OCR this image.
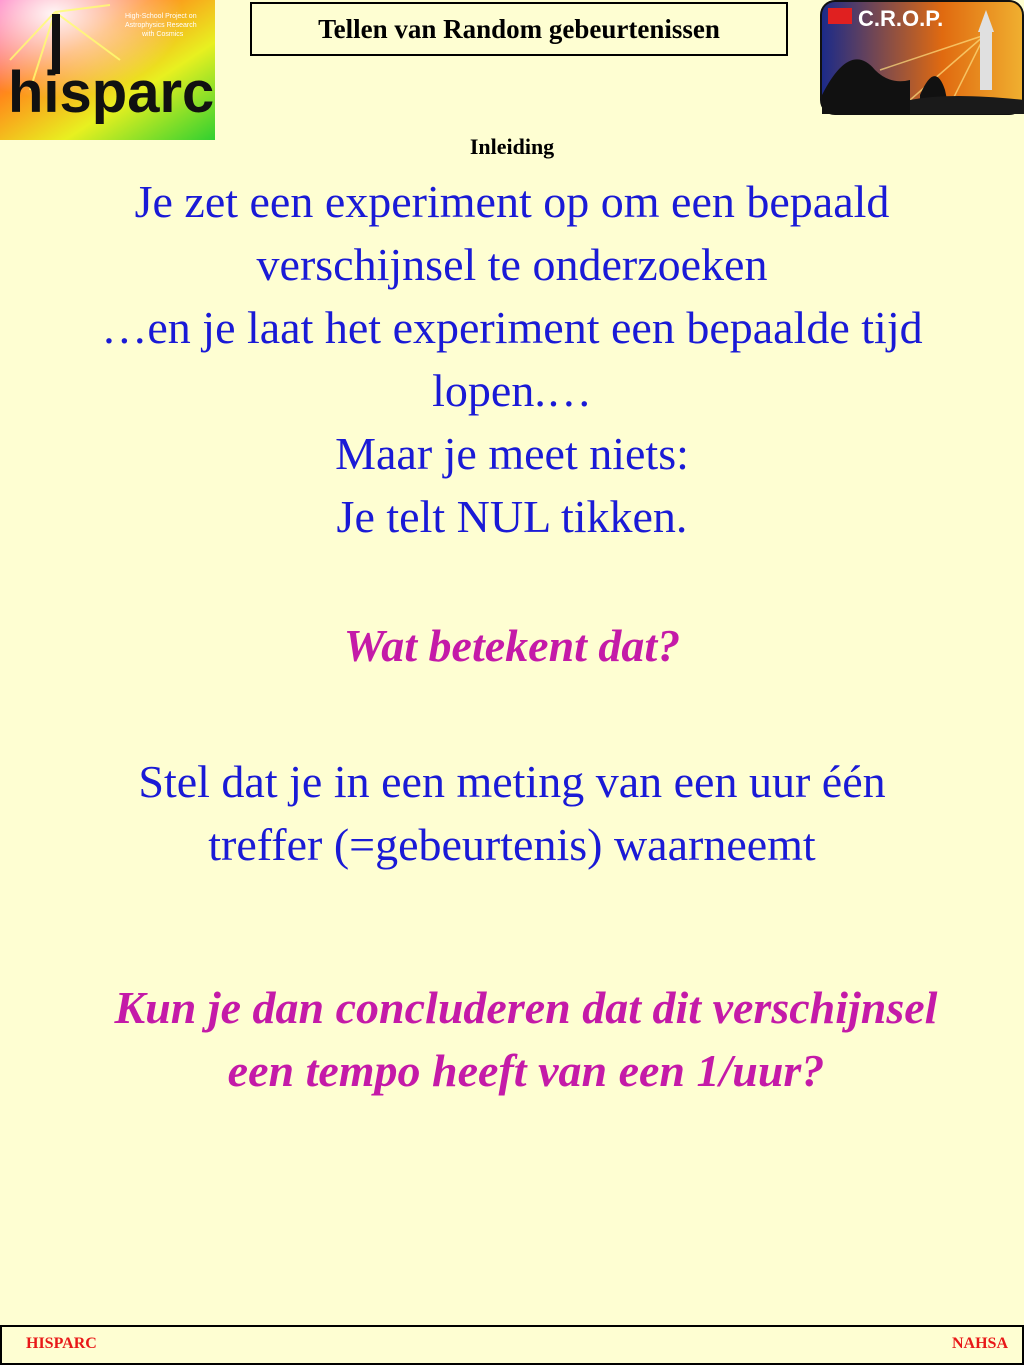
hisparc
High-School Project on
Astrophysics Research
with Cosmics	Tellen van Random gebeurtenissen	C.R.O.P.
Inleiding
Je zet een experiment op om een bepaald
verschijnsel te onderzoeken
…en je laat het experiment een bepaalde tijd
lopen.…
Maar je meet niets:
Je telt NUL tikken.
Wat betekent dat?
Stel dat je in een meting van een uur één
treffer (=gebeurtenis) waarneemt
Kun je dan concluderen dat dit verschijnsel
een tempo heeft van een 1/uur?
HISPARC	NAHSA
